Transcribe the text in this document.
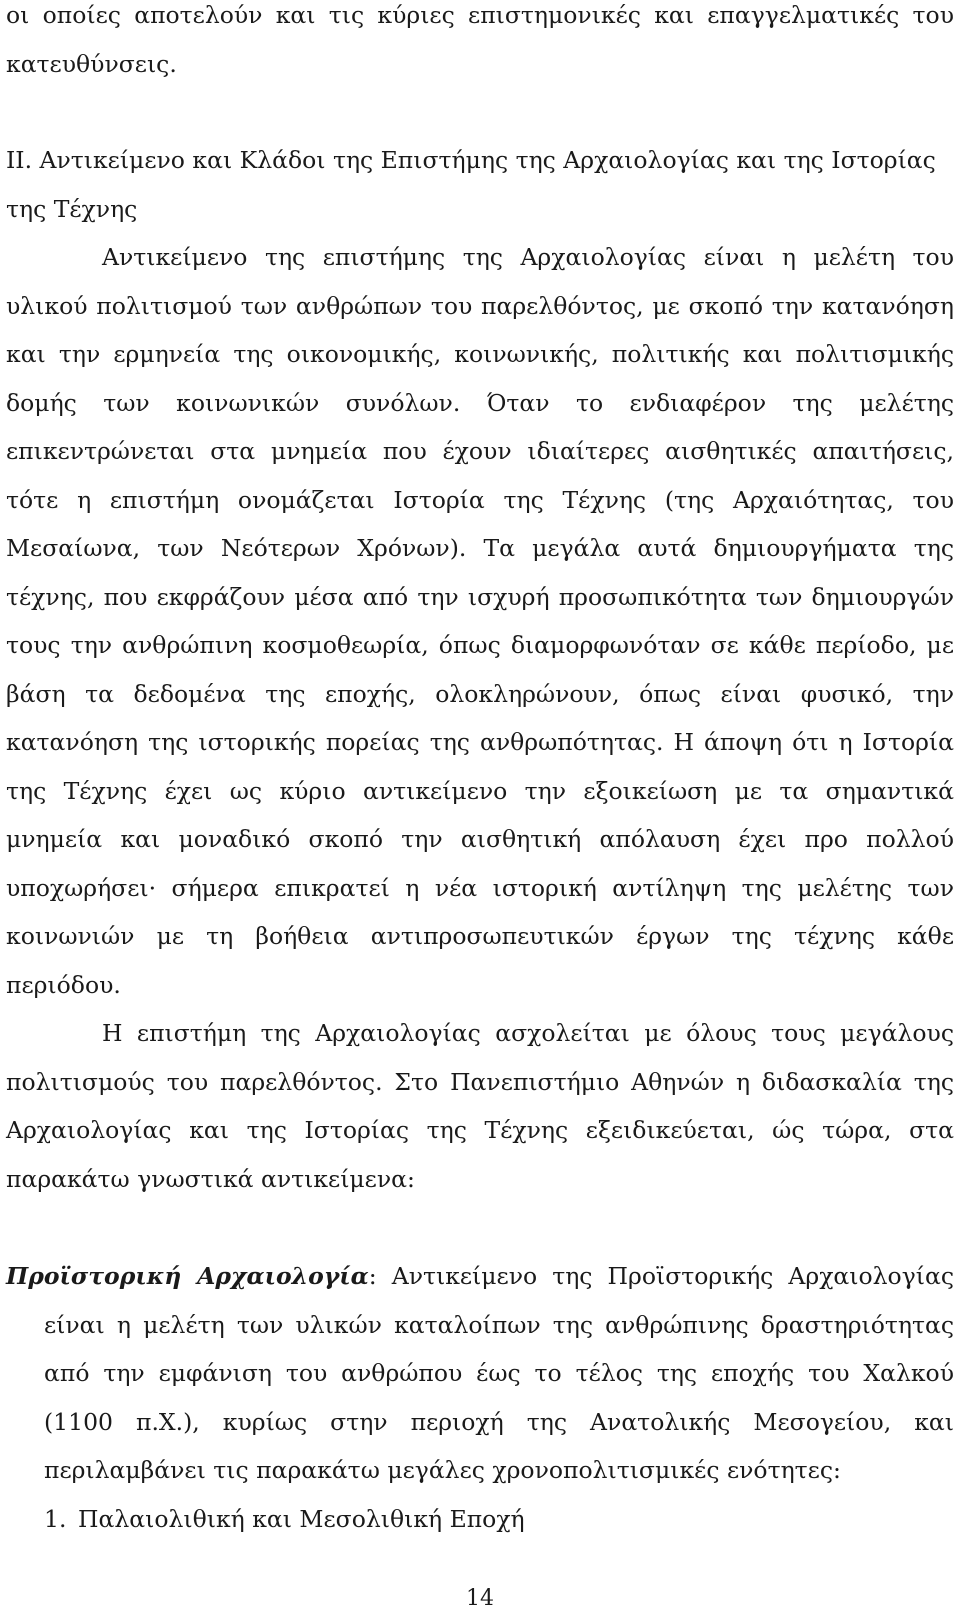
οι οποίες αποτελούν και τις κύριες επιστημονικές και επαγγελματικές του κατευθύνσεις.

II. Αντικείμενο και Κλάδοι της Επιστήμης της Αρχαιολογίας και της Ιστορίας της Τέχνης

Αντικείμενο της επιστήμης της Αρχαιολογίας είναι η μελέτη του υλικού πολιτισμού των ανθρώπων του παρελθόντος, με σκοπό την κατανόηση και την ερμηνεία της οικονομικής, κοινωνικής, πολιτικής και πολιτισμικής δομής των κοινωνικών συνόλων. Όταν το ενδιαφέρον της μελέτης επικεντρώνεται στα μνημεία που έχουν ιδιαίτερες αισθητικές απαιτήσεις, τότε η επιστήμη ονομάζεται Ιστορία της Τέχνης (της Αρχαιότητας, του Μεσαίωνα, των Νεότερων Χρόνων). Τα μεγάλα αυτά δημιουργήματα της τέχνης, που εκφράζουν μέσα από την ισχυρή προσωπικότητα των δημιουργών τους την ανθρώπινη κοσμοθεωρία, όπως διαμορφωνόταν σε κάθε περίοδο, με βάση τα δεδομένα της εποχής, ολοκληρώνουν, όπως είναι φυσικό, την κατανόηση της ιστορικής πορείας της ανθρωπότητας. Η άποψη ότι η Ιστορία της Τέχνης έχει ως κύριο αντικείμενο την εξοικείωση με τα σημαντικά μνημεία και μοναδικό σκοπό την αισθητική απόλαυση έχει προ πολλού υποχωρήσει· σήμερα επικρατεί η νέα ιστορική αντίληψη της μελέτης των κοινωνιών με τη βοήθεια αντιπροσωπευτικών έργων της τέχνης κάθε περιόδου.

Η επιστήμη της Αρχαιολογίας ασχολείται με όλους τους μεγάλους πολιτισμούς του παρελθόντος. Στο Πανεπιστήμιο Αθηνών η διδασκαλία της Αρχαιολογίας και της Ιστορίας της Τέχνης εξειδικεύεται, ώς τώρα, στα παρακάτω γνωστικά αντικείμενα:

Προϊστορική Αρχαιολογία: Αντικείμενο της Προϊστορικής Αρχαιολογίας είναι η μελέτη των υλικών καταλοίπων της ανθρώπινης δραστηριότητας από την εμφάνιση του ανθρώπου έως το τέλος της εποχής του Χαλκού (1100 π.Χ.), κυρίως στην περιοχή της Ανατολικής Μεσογείου, και περιλαμβάνει τις παρακάτω μεγάλες χρονοπολιτισμικές ενότητες:

1. Παλαιολιθική και Μεσολιθική Εποχή

14
